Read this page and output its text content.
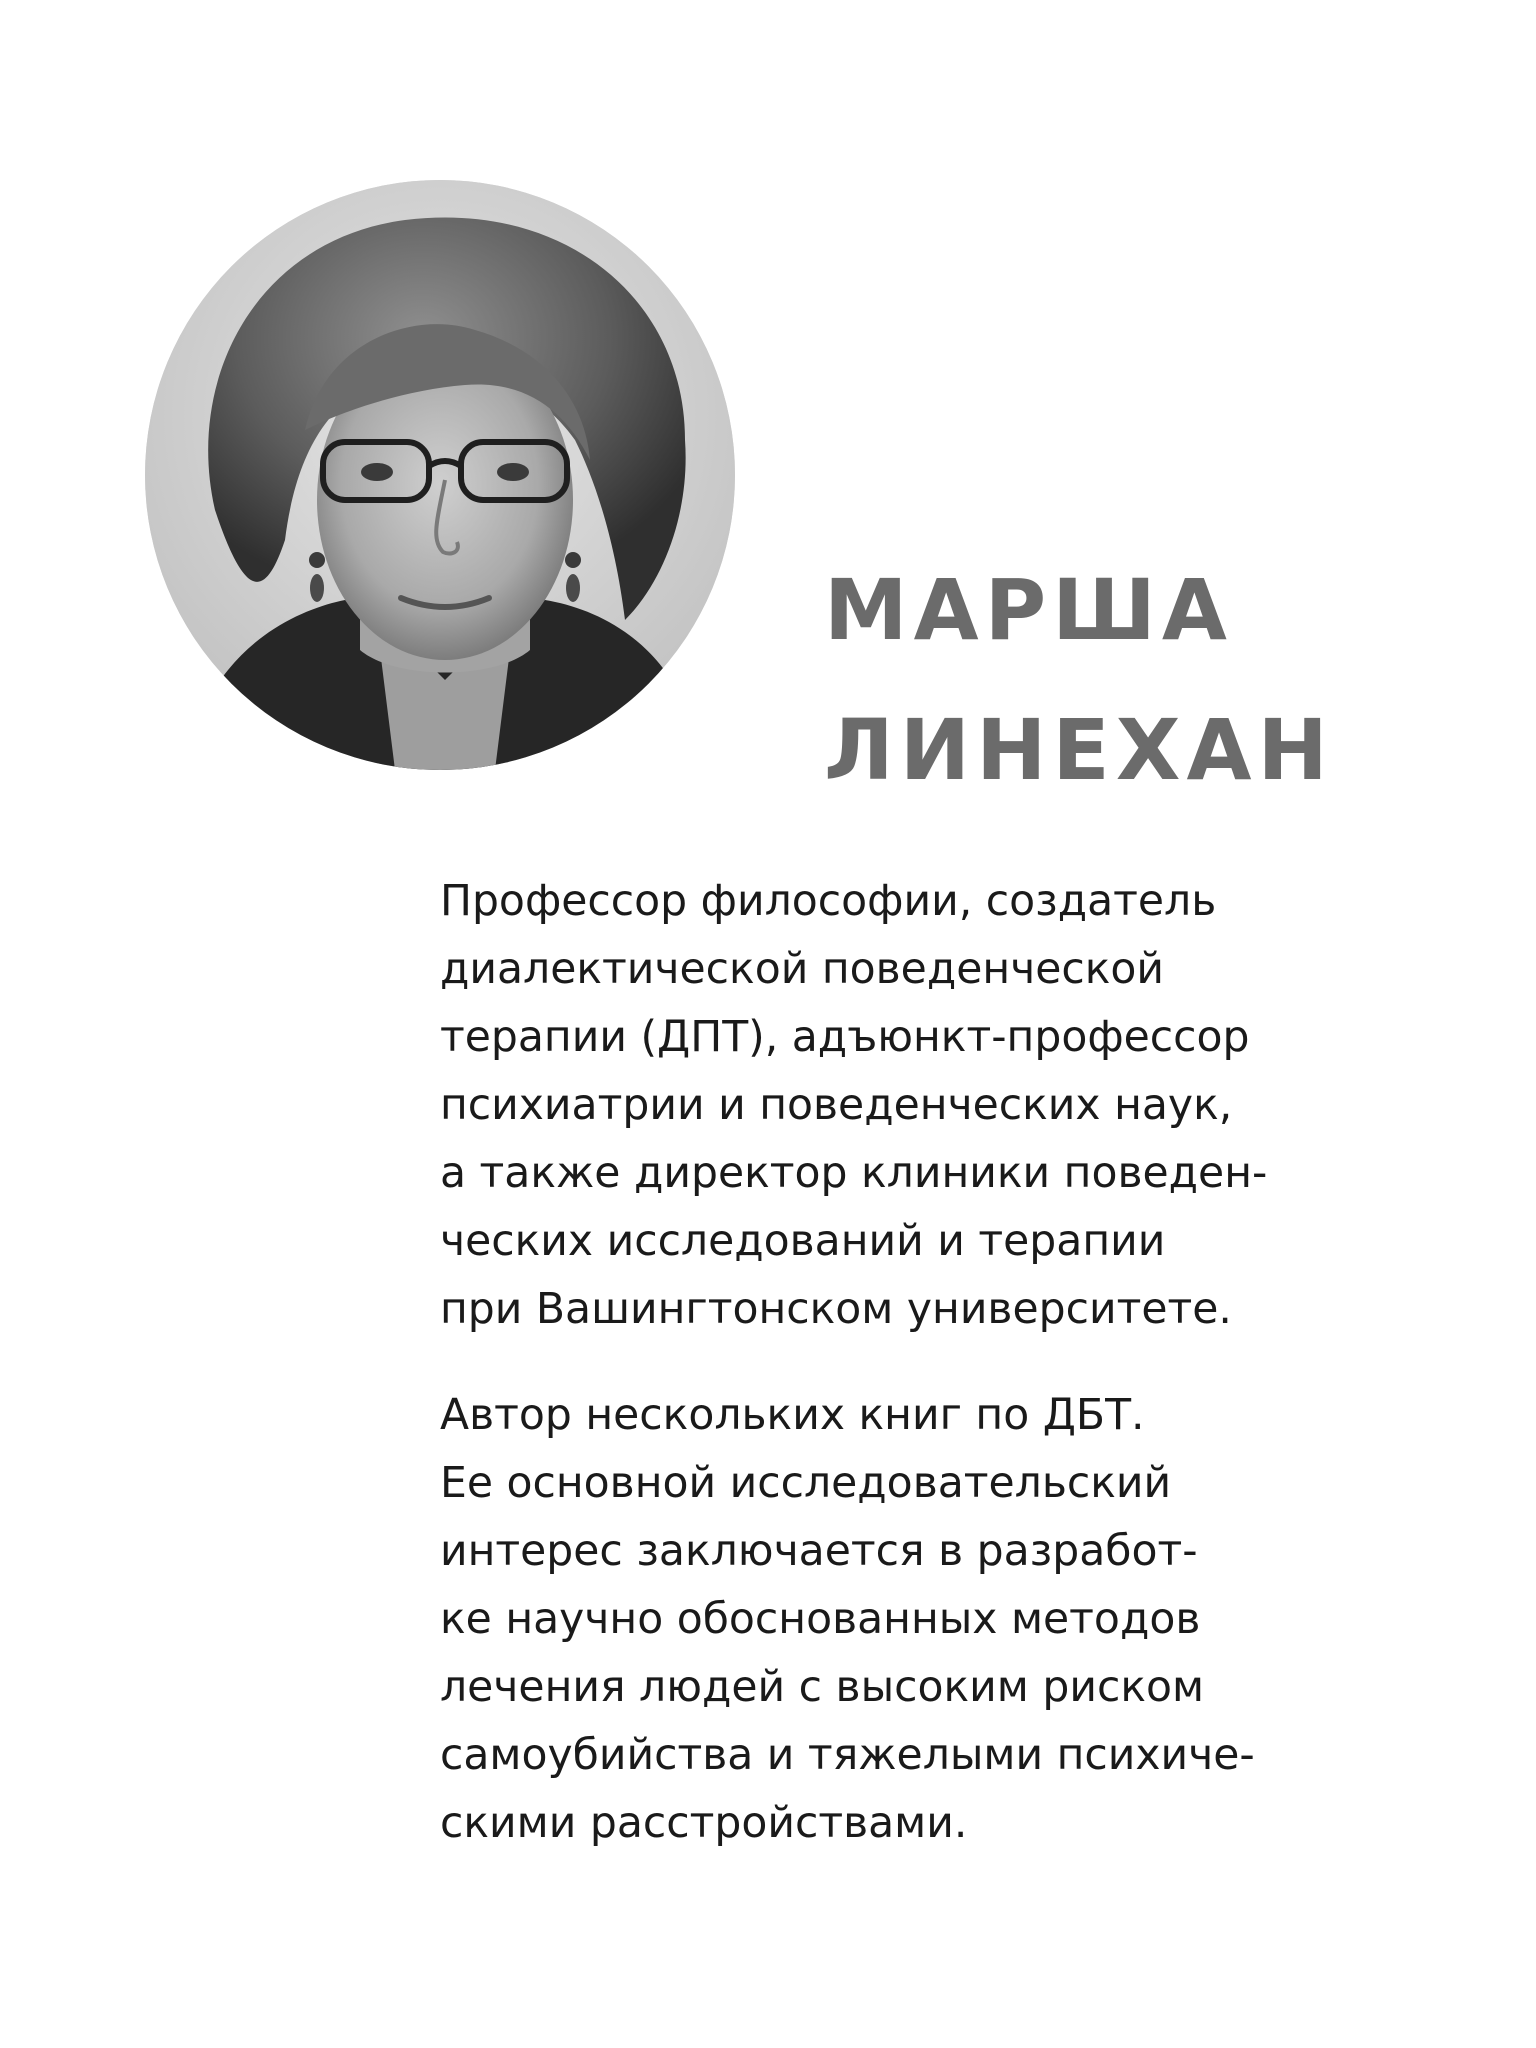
МАРША
ЛИНЕХАН

Профессор философии, создатель
диалектической поведенческой
терапии (ДПТ), адъюнкт-профессор
психиатрии и поведенческих наук,
а также директор клиники поведен-
ческих исследований и терапии
при Вашингтонском университете.

Автор нескольких книг по ДБТ.
Ее основной исследовательский
интерес заключается в разработ-
ке научно обоснованных методов
лечения людей с высоким риском
самоубийства и тяжелыми психиче-
скими расстройствами.
